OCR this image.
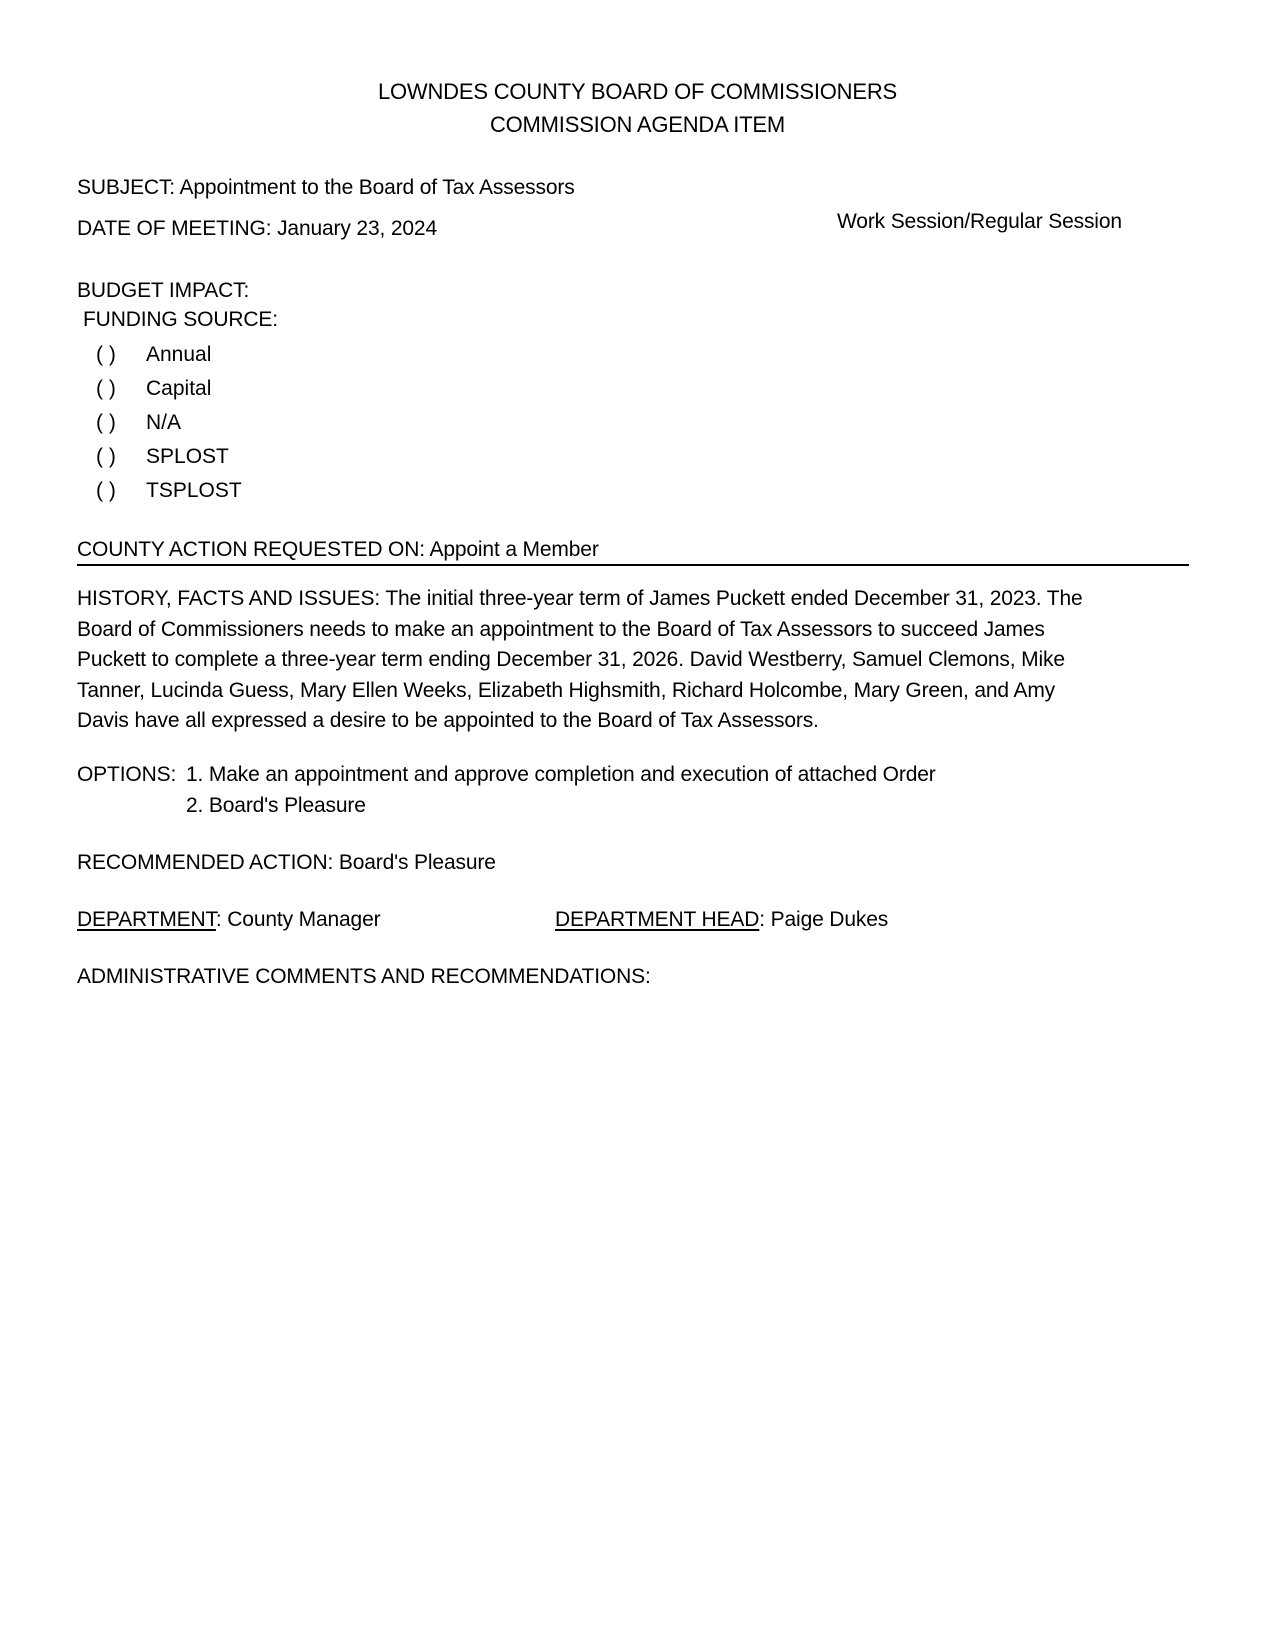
LOWNDES COUNTY BOARD OF COMMISSIONERS
COMMISSION AGENDA ITEM
SUBJECT: Appointment to the Board of Tax Assessors
DATE OF MEETING: January 23, 2024	Work Session/Regular Session
BUDGET IMPACT:
FUNDING SOURCE:
( ) Annual
( ) Capital
( ) N/A
( ) SPLOST
( ) TSPLOST
COUNTY ACTION REQUESTED ON: Appoint a Member
HISTORY, FACTS AND ISSUES: The initial three-year term of James Puckett ended December 31, 2023. The
Board of Commissioners needs to make an appointment to the Board of Tax Assessors to succeed James
Puckett to complete a three-year term ending December 31, 2026. David Westberry, Samuel Clemons, Mike
Tanner, Lucinda Guess, Mary Ellen Weeks, Elizabeth Highsmith, Richard Holcombe, Mary Green, and Amy
Davis have all expressed a desire to be appointed to the Board of Tax Assessors.
OPTIONS: 1. Make an appointment and approve completion and execution of attached Order
2. Board's Pleasure
RECOMMENDED ACTION: Board's Pleasure
DEPARTMENT: County Manager	DEPARTMENT HEAD: Paige Dukes
ADMINISTRATIVE COMMENTS AND RECOMMENDATIONS:
